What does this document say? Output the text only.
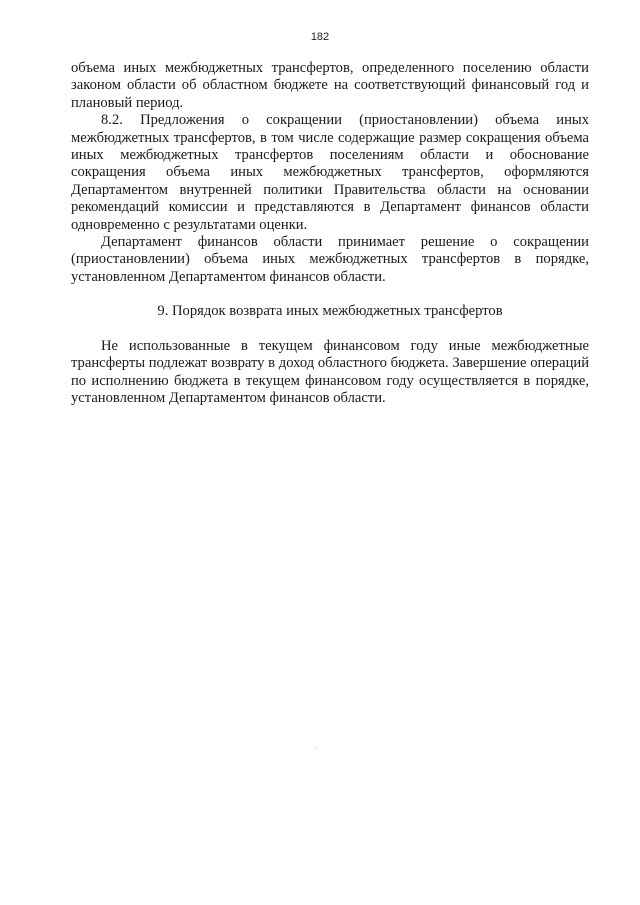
182

объема иных межбюджетных трансфертов, определенного поселению области законом области об областном бюджете на соответствующий финансовый год и плановый период.

8.2. Предложения о сокращении (приостановлении) объема иных межбюджетных трансфертов, в том числе содержащие размер сокращения объема иных межбюджетных трансфертов поселениям области и обоснование сокращения объема иных межбюджетных трансфертов, оформляются Департаментом внутренней политики Правительства области на основании рекомендаций комиссии и представляются в Департамент финансов области одновременно с результатами оценки.

Департамент финансов области принимает решение о сокращении (приостановлении) объема иных межбюджетных трансфертов в порядке, установленном Департаментом финансов области.

9. Порядок возврата иных межбюджетных трансфертов

Не использованные в текущем финансовом году иные межбюджетные трансферты подлежат возврату в доход областного бюджета. Завершение операций по исполнению бюджета в текущем финансовом году осуществляется в порядке, установленном Департаментом финансов области.
